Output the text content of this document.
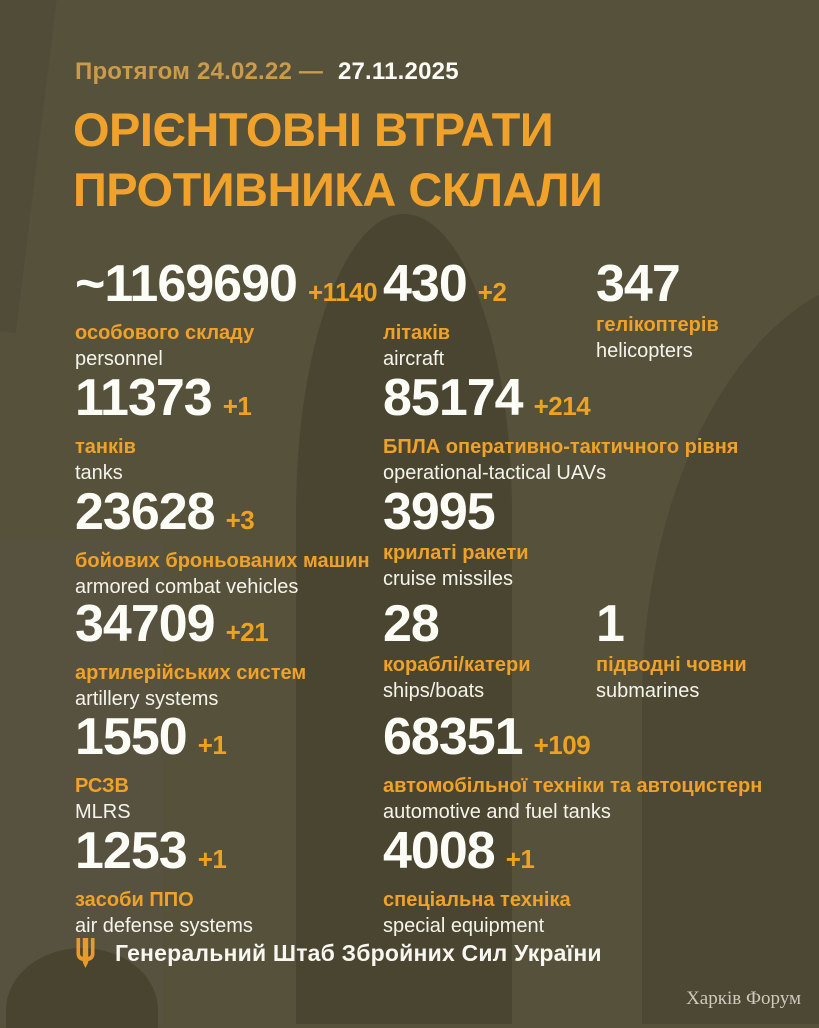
Протягом 24.02.22 — 27.11.2025
ОРІЄНТОВНІ ВТРАТИ
ПРОТИВНИКА СКЛАЛИ
~1169690 +1140
особового складу
personnel
430 +2
літаків
aircraft
347
гелікоптерів
helicopters
11373 +1
танків
tanks
85174 +214
БПЛА оперативно-тактичного рівня
operational-tactical UAVs
23628 +3
бойових броньованих машин
armored combat vehicles
3995
крилаті ракети
cruise missiles
34709 +21
артилерійських систем
artillery systems
28
кораблі/катери
ships/boats
1
підводні човни
submarines
1550 +1
РСЗВ
MLRS
68351 +109
автомобільної техніки та автоцистерн
automotive and fuel tanks
1253 +1
засоби ППО
air defense systems
4008 +1
спеціальна техніка
special equipment
Генеральний Штаб Збройних Сил України
Харків Форум
